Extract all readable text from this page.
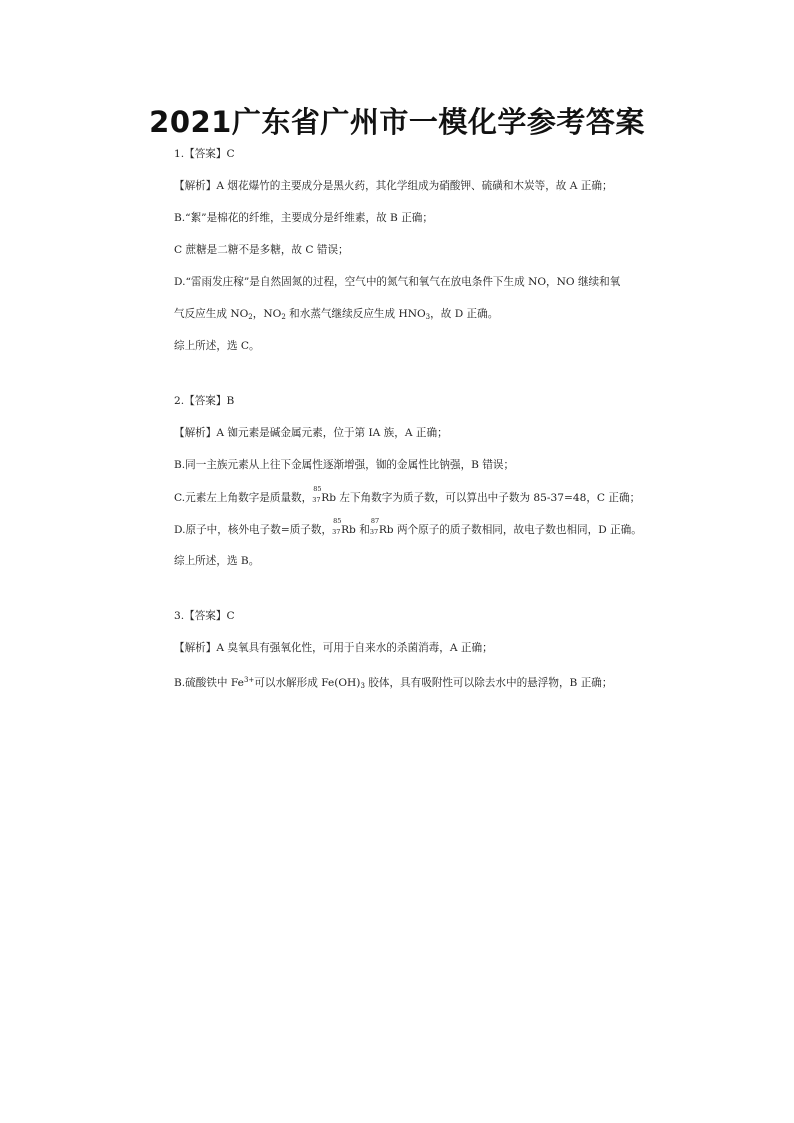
2021广东省广州市一模化学参考答案
1.【答案】C
【解析】A 烟花爆竹的主要成分是黑火药，其化学组成为硝酸钾、硫磺和木炭等，故 A 正确；
B.“絮”是棉花的纤维，主要成分是纤维素，故 B 正确；
C 蔗糖是二糖不是多糖，故 C 错误；
D.“雷雨发庄稼”是自然固氮的过程，空气中的氮气和氧气在放电条件下生成 NO，NO 继续和氧
气反应生成 $NO_2$，$NO_2$ 和水蒸气继续反应生成 $HNO_3$，故 D 正确。
综上所述，选 C。
2.【答案】B
【解析】A 铷元素是碱金属元素，位于第 IA 族，A 正确；
B.同一主族元素从上往下金属性逐渐增强，铷的金属性比钠强，B 错误；
C.元素左上角数字是质量数，
85
37 Rb 左下角数字为质子数，可以算出中子数为 85-37=48，C 正确；
D.原子中，核外电子数=质子数，
85
37 Rb 和
87
37 Rb 两个原子的质子数相同，故电子数也相同，D 正确。
综上所述，选 B。
3.【答案】C
【解析】A 臭氧具有强氧化性，可用于自来水的杀菌消毒，A 正确；
B.硫酸铁中 $Fe^{3+}$可以水解形成 $Fe(OH)_3$ 胶体，具有吸附性可以除去水中的悬浮物，B 正确；
